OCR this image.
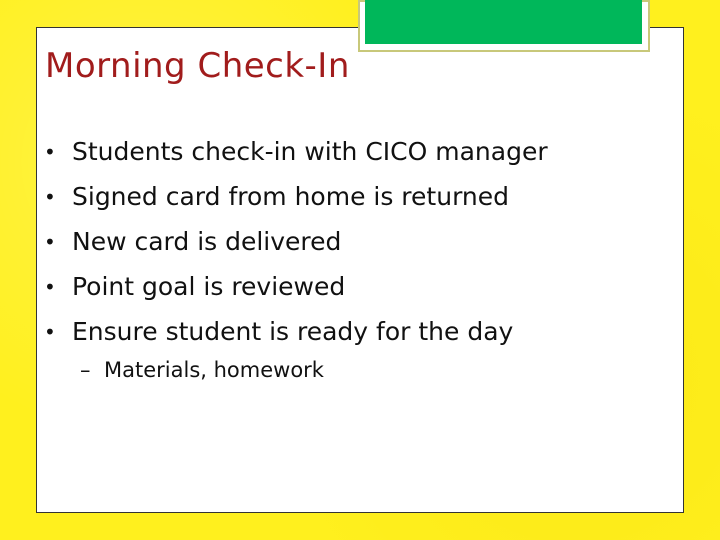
Morning Check-In
• Students check-in with CICO manager
• Signed card from home is returned
• New card is delivered
• Point goal is reviewed
• Ensure student is ready for the day
– Materials, homework
